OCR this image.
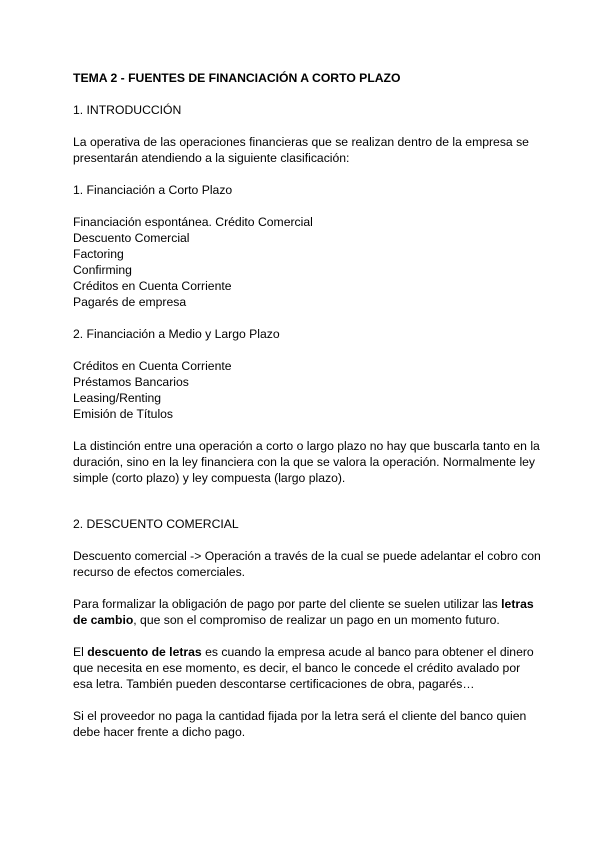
TEMA 2 - FUENTES DE FINANCIACIÓN A CORTO PLAZO
1. INTRODUCCIÓN

La operativa de las operaciones financieras que se realizan dentro de la empresa se presentarán atendiendo a la siguiente clasificación:

1. Financiación a Corto Plazo
Financiación espontánea. Crédito Comercial
Descuento Comercial
Factoring
Confirming
Créditos en Cuenta Corriente
Pagarés de empresa
2. Financiación a Medio y Largo Plazo
Créditos en Cuenta Corriente
Préstamos Bancarios
Leasing/Renting
Emisión de Títulos

La distinción entre una operación a corto o largo plazo no hay que buscarla tanto en la duración, sino en la ley financiera con la que se valora la operación. Normalmente ley simple (corto plazo) y ley compuesta (largo plazo).

2. DESCUENTO COMERCIAL

Descuento comercial -> Operación a través de la cual se puede adelantar el cobro con recurso de efectos comerciales.

Para formalizar la obligación de pago por parte del cliente se suelen utilizar las letras de cambio, que son el compromiso de realizar un pago en un momento futuro.

El descuento de letras es cuando la empresa acude al banco para obtener el dinero que necesita en ese momento, es decir, el banco le concede el crédito avalado por esa letra. También pueden descontarse certificaciones de obra, pagarés…

Si el proveedor no paga la cantidad fijada por la letra será el cliente del banco quien debe hacer frente a dicho pago.
